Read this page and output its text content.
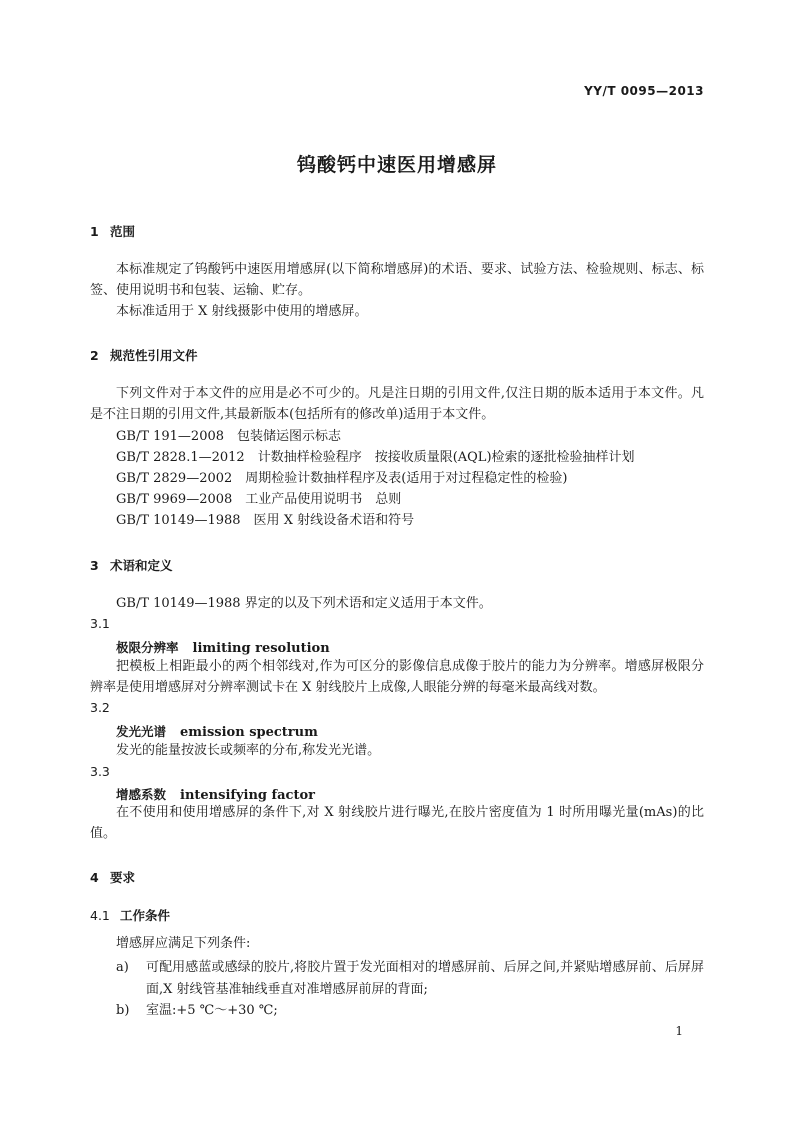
YY/T 0095—2013
钨酸钙中速医用增感屏
1 范围
本标准规定了钨酸钙中速医用增感屏(以下简称增感屏)的术语、要求、试验方法、检验规则、标志、标签、使用说明书和包装、运输、贮存。
本标准适用于 X 射线摄影中使用的增感屏。
2 规范性引用文件
下列文件对于本文件的应用是必不可少的。凡是注日期的引用文件,仅注日期的版本适用于本文件。凡是不注日期的引用文件,其最新版本(包括所有的修改单)适用于本文件。
GB/T 191—2008　包装储运图示标志
GB/T 2828.1—2012　计数抽样检验程序　按接收质量限(AQL)检索的逐批检验抽样计划
GB/T 2829—2002　周期检验计数抽样程序及表(适用于对过程稳定性的检验)
GB/T 9969—2008　工业产品使用说明书　总则
GB/T 10149—1988　医用 X 射线设备术语和符号
3 术语和定义
GB/T 10149—1988 界定的以及下列术语和定义适用于本文件。
3.1
极限分辨率 limiting resolution
把模板上相距最小的两个相邻线对,作为可区分的影像信息成像于胶片的能力为分辨率。增感屏极限分辨率是使用增感屏对分辨率测试卡在 X 射线胶片上成像,人眼能分辨的每毫米最高线对数。
3.2
发光光谱 emission spectrum
发光的能量按波长或频率的分布,称发光光谱。
3.3
增感系数 intensifying factor
在不使用和使用增感屏的条件下,对 X 射线胶片进行曝光,在胶片密度值为 1 时所用曝光量(mAs)的比值。
4 要求
4.1 工作条件
增感屏应满足下列条件:
a) 可配用感蓝或感绿的胶片,将胶片置于发光面相对的增感屏前、后屏之间,并紧贴增感屏前、后屏屏面,X 射线管基准轴线垂直对准增感屏前屏的背面;
b) 室温:+5 ℃～+30 ℃;
1
